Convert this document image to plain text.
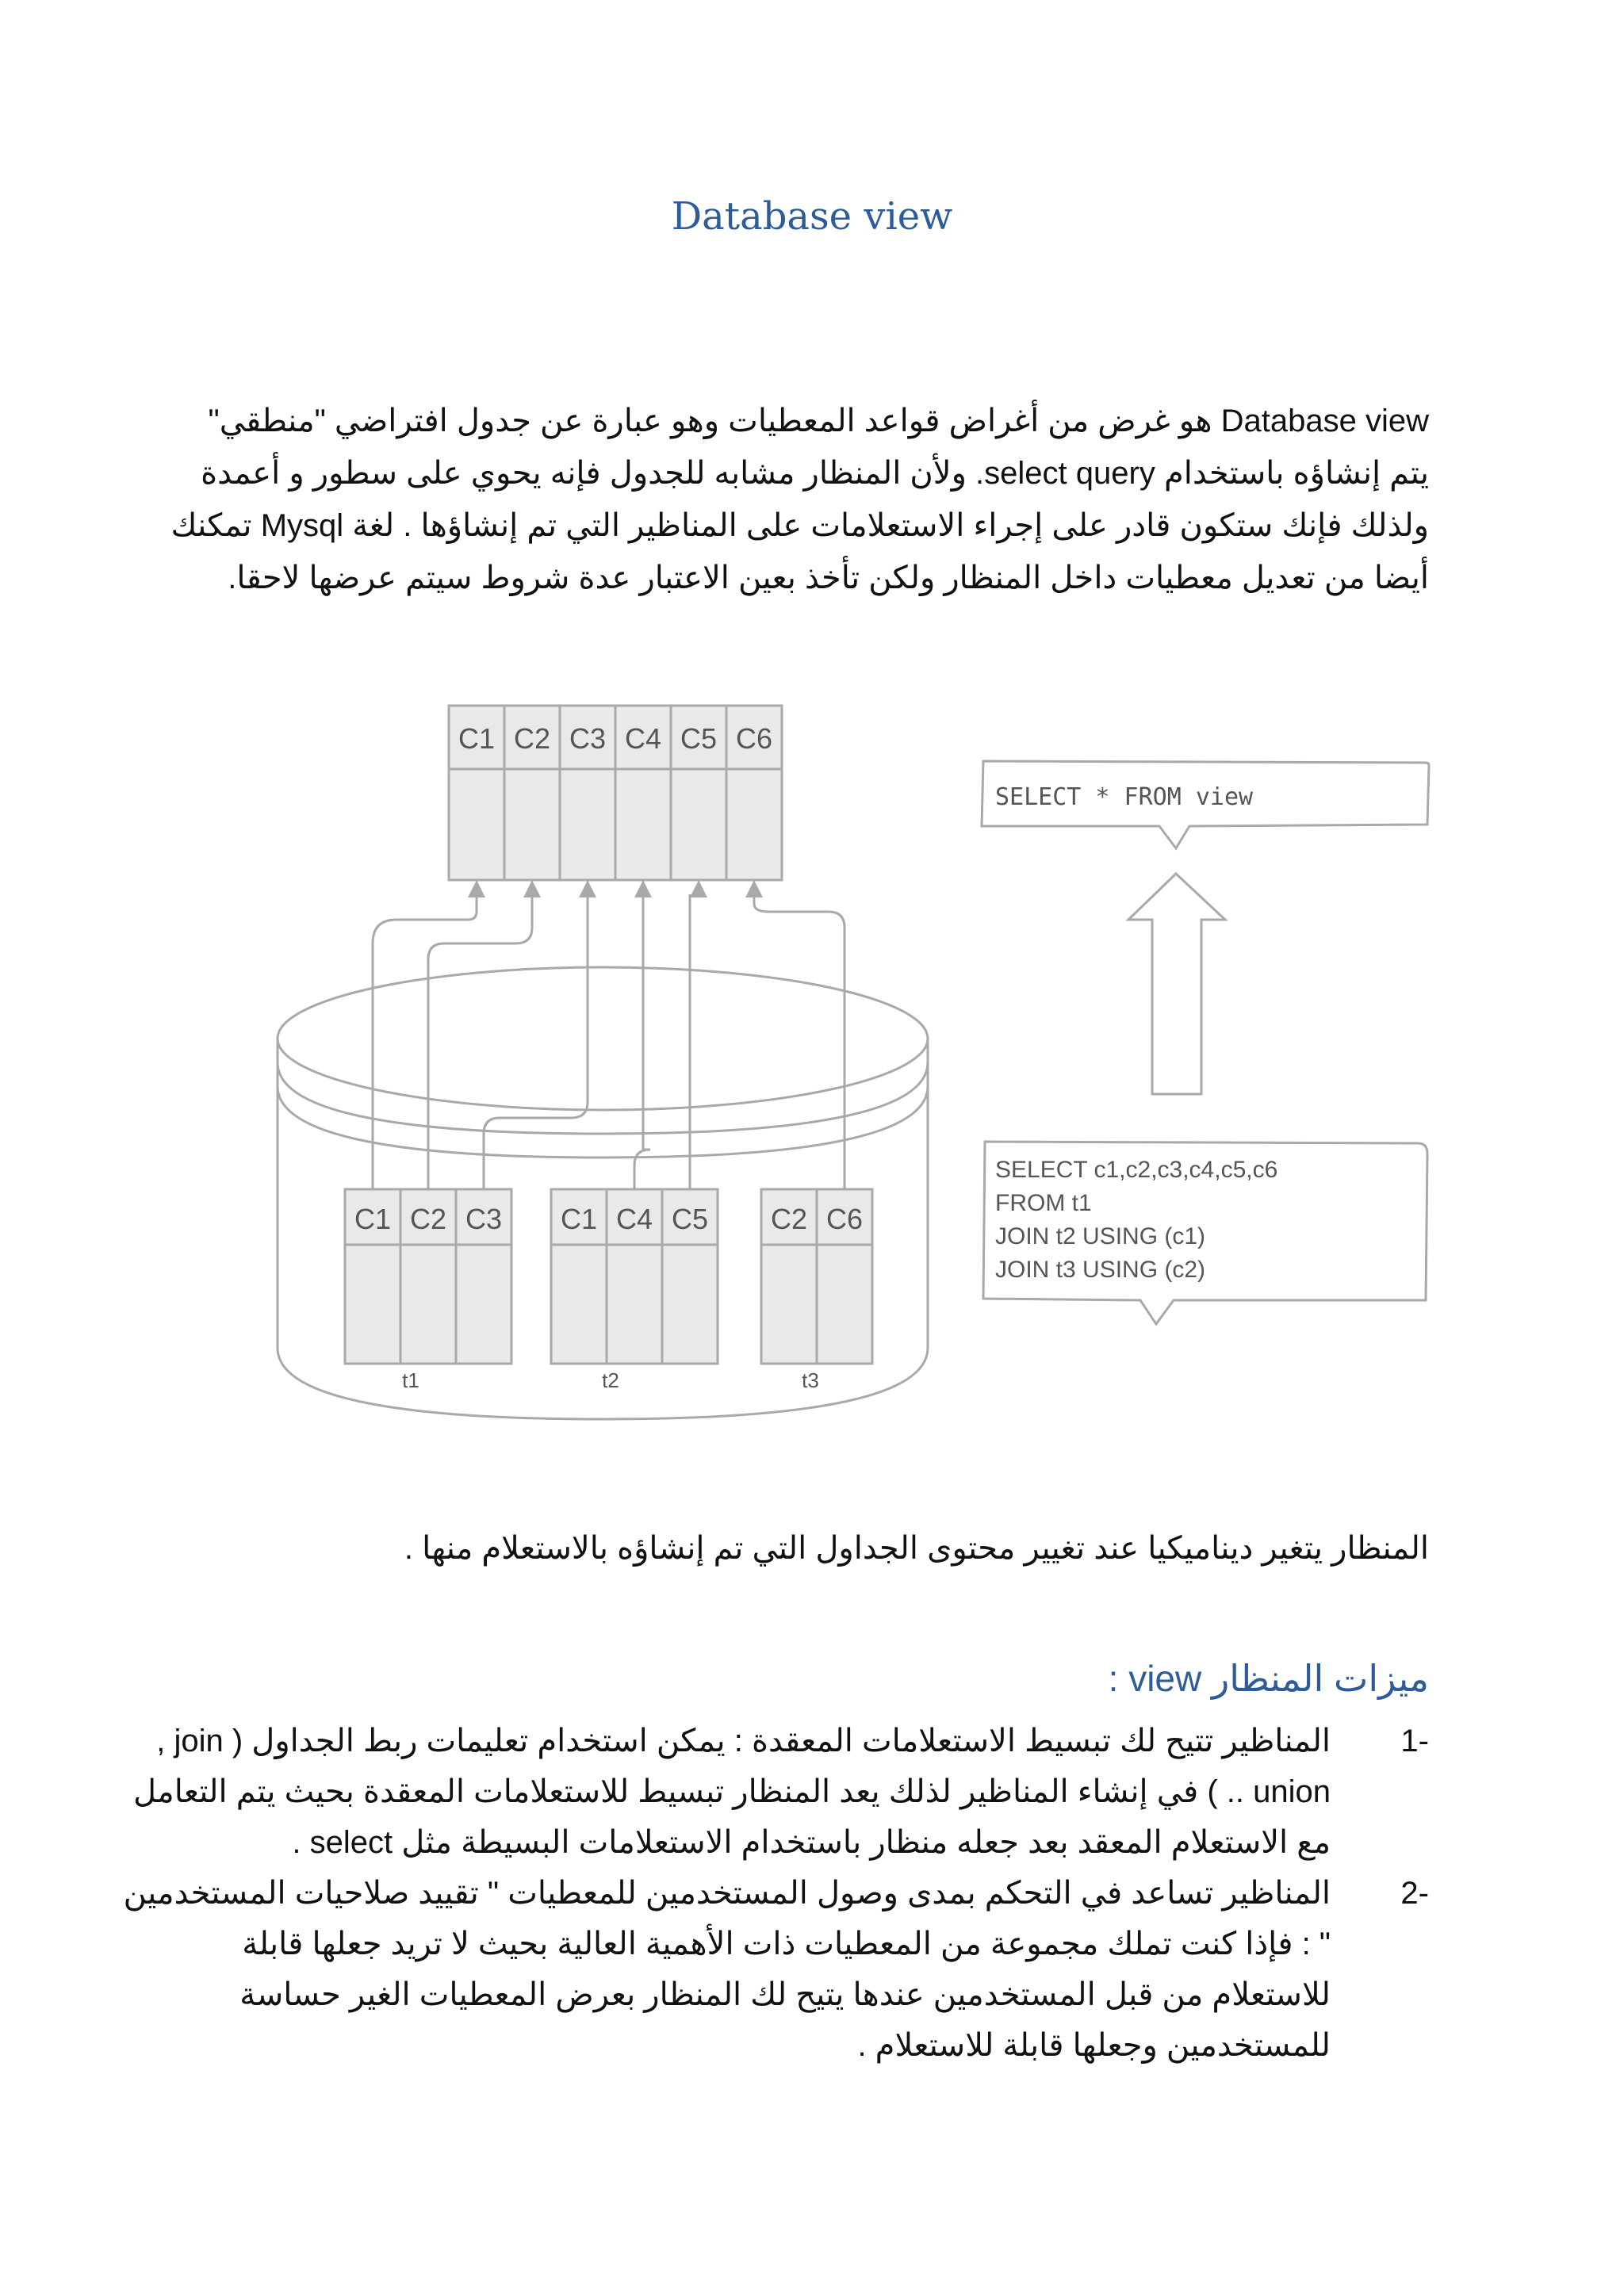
Database view

Database view هو غرض من أغراض قواعد المعطيات وهو عبارة عن جدول افتراضي "منطقي"
يتم إنشاؤه باستخدام select query. ولأن المنظار مشابه للجدول فإنه يحوي على سطور و أعمدة
ولذلك فإنك ستكون قادر على إجراء الاستعلامات على المناظير التي تم إنشاؤها . لغة Mysql تمكنك
أيضا من تعديل معطيات داخل المنظار ولكن تأخذ بعين الاعتبار عدة شروط سيتم عرضها لاحقا.

C1 C2 C3 C4 C5 C6
C1 C2 C3
t1
C1 C4 C5
t2
C2 C6
t3
SELECT * FROM view
SELECT c1,c2,c3,c4,c5,c6
FROM t1
JOIN t2 USING (c1)
JOIN t3 USING (c2)

المنظار يتغير ديناميكيا عند تغيير محتوى الجداول التي تم إنشاؤه بالاستعلام منها .

ميزات المنظار view :
-1
المناظير تتيح لك تبسيط الاستعلامات المعقدة : يمكن استخدام تعليمات ربط الجداول ( join ,
union .. ) في إنشاء المناظير لذلك يعد المنظار تبسيط للاستعلامات المعقدة بحيث يتم التعامل
مع الاستعلام المعقد بعد جعله منظار باستخدام الاستعلامات البسيطة مثل select .
-2
المناظير تساعد في التحكم بمدى وصول المستخدمين للمعطيات " تقييد صلاحيات المستخدمين
" : فإذا كنت تملك مجموعة من المعطيات ذات الأهمية العالية بحيث لا تريد جعلها قابلة
للاستعلام من قبل المستخدمين عندها يتيح لك المنظار بعرض المعطيات الغير حساسة
للمستخدمين وجعلها قابلة للاستعلام .
